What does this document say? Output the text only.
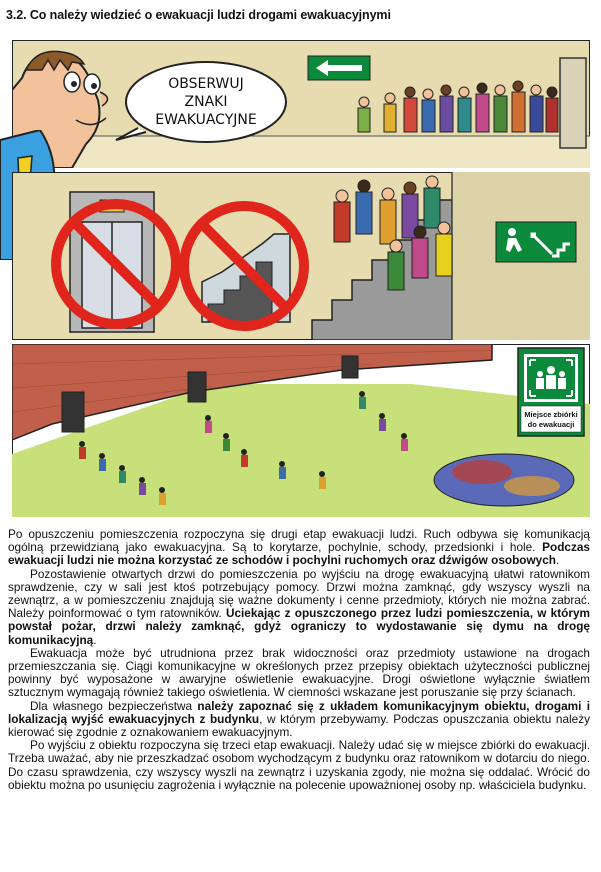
3.2. Co należy wiedzieć o ewakuacji ludzi drogami ewakuacyjnymi
OBSERWUJ
ZNAKI
EWAKUACYJNE
Miejsce zbiórki
do ewakuacji

Po opuszczeniu pomieszczenia rozpoczyna się drugi etap ewakuacji ludzi. Ruch odbywa się komunikacją ogólną przewidzianą jako ewakuacyjna. Są to korytarze, pochylnie, schody, przedsionki i hole. Podczas ewakuacji ludzi nie można korzystać ze schodów i pochylni ruchomych oraz dźwigów osobowych.

Pozostawienie otwartych drzwi do pomieszczenia po wyjściu na drogę ewakuacyjną ułatwi ratownikom sprawdzenie, czy w sali jest ktoś potrzebujący pomocy. Drzwi można zamknąć, gdy wszyscy wyszli na zewnątrz, a w pomieszczeniu znajdują się ważne dokumenty i cenne przedmioty, których nie można zabrać. Należy poinformować o tym ratowników. Uciekając z opuszczonego przez ludzi pomieszczenia, w którym powstał pożar, drzwi należy zamknąć, gdyż ograniczy to wydostawanie się dymu na drogę komunikacyjną.

Ewakuacja może być utrudniona przez brak widoczności oraz przedmioty ustawione na drogach przemieszczania się. Ciągi komunikacyjne w określonych przez przepisy obiektach użyteczności publicznej powinny być wyposażone w awaryjne oświetlenie ewakuacyjne. Drogi oświetlone wyłącznie światłem sztucznym wymagają również takiego oświetlenia. W ciemności wskazane jest poruszanie się przy ścianach.

Dla własnego bezpieczeństwa należy zapoznać się z układem komunikacyjnym obiektu, drogami i lokalizacją wyjść ewakuacyjnych z budynku, w którym przebywamy. Podczas opuszczania obiektu należy kierować się zgodnie z oznakowaniem ewakuacyjnym.

Po wyjściu z obiektu rozpoczyna się trzeci etap ewakuacji. Należy udać się w miejsce zbiórki do ewakuacji. Trzeba uważać, aby nie przeszkadzać osobom wychodzącym z budynku oraz ratownikom w dotarciu do niego. Do czasu sprawdzenia, czy wszyscy wyszli na zewnątrz i uzyskania zgody, nie można się oddalać. Wrócić do obiektu można po usunięciu zagrożenia i wyłącznie na polecenie upoważnionej osoby np. właściciela budynku.
